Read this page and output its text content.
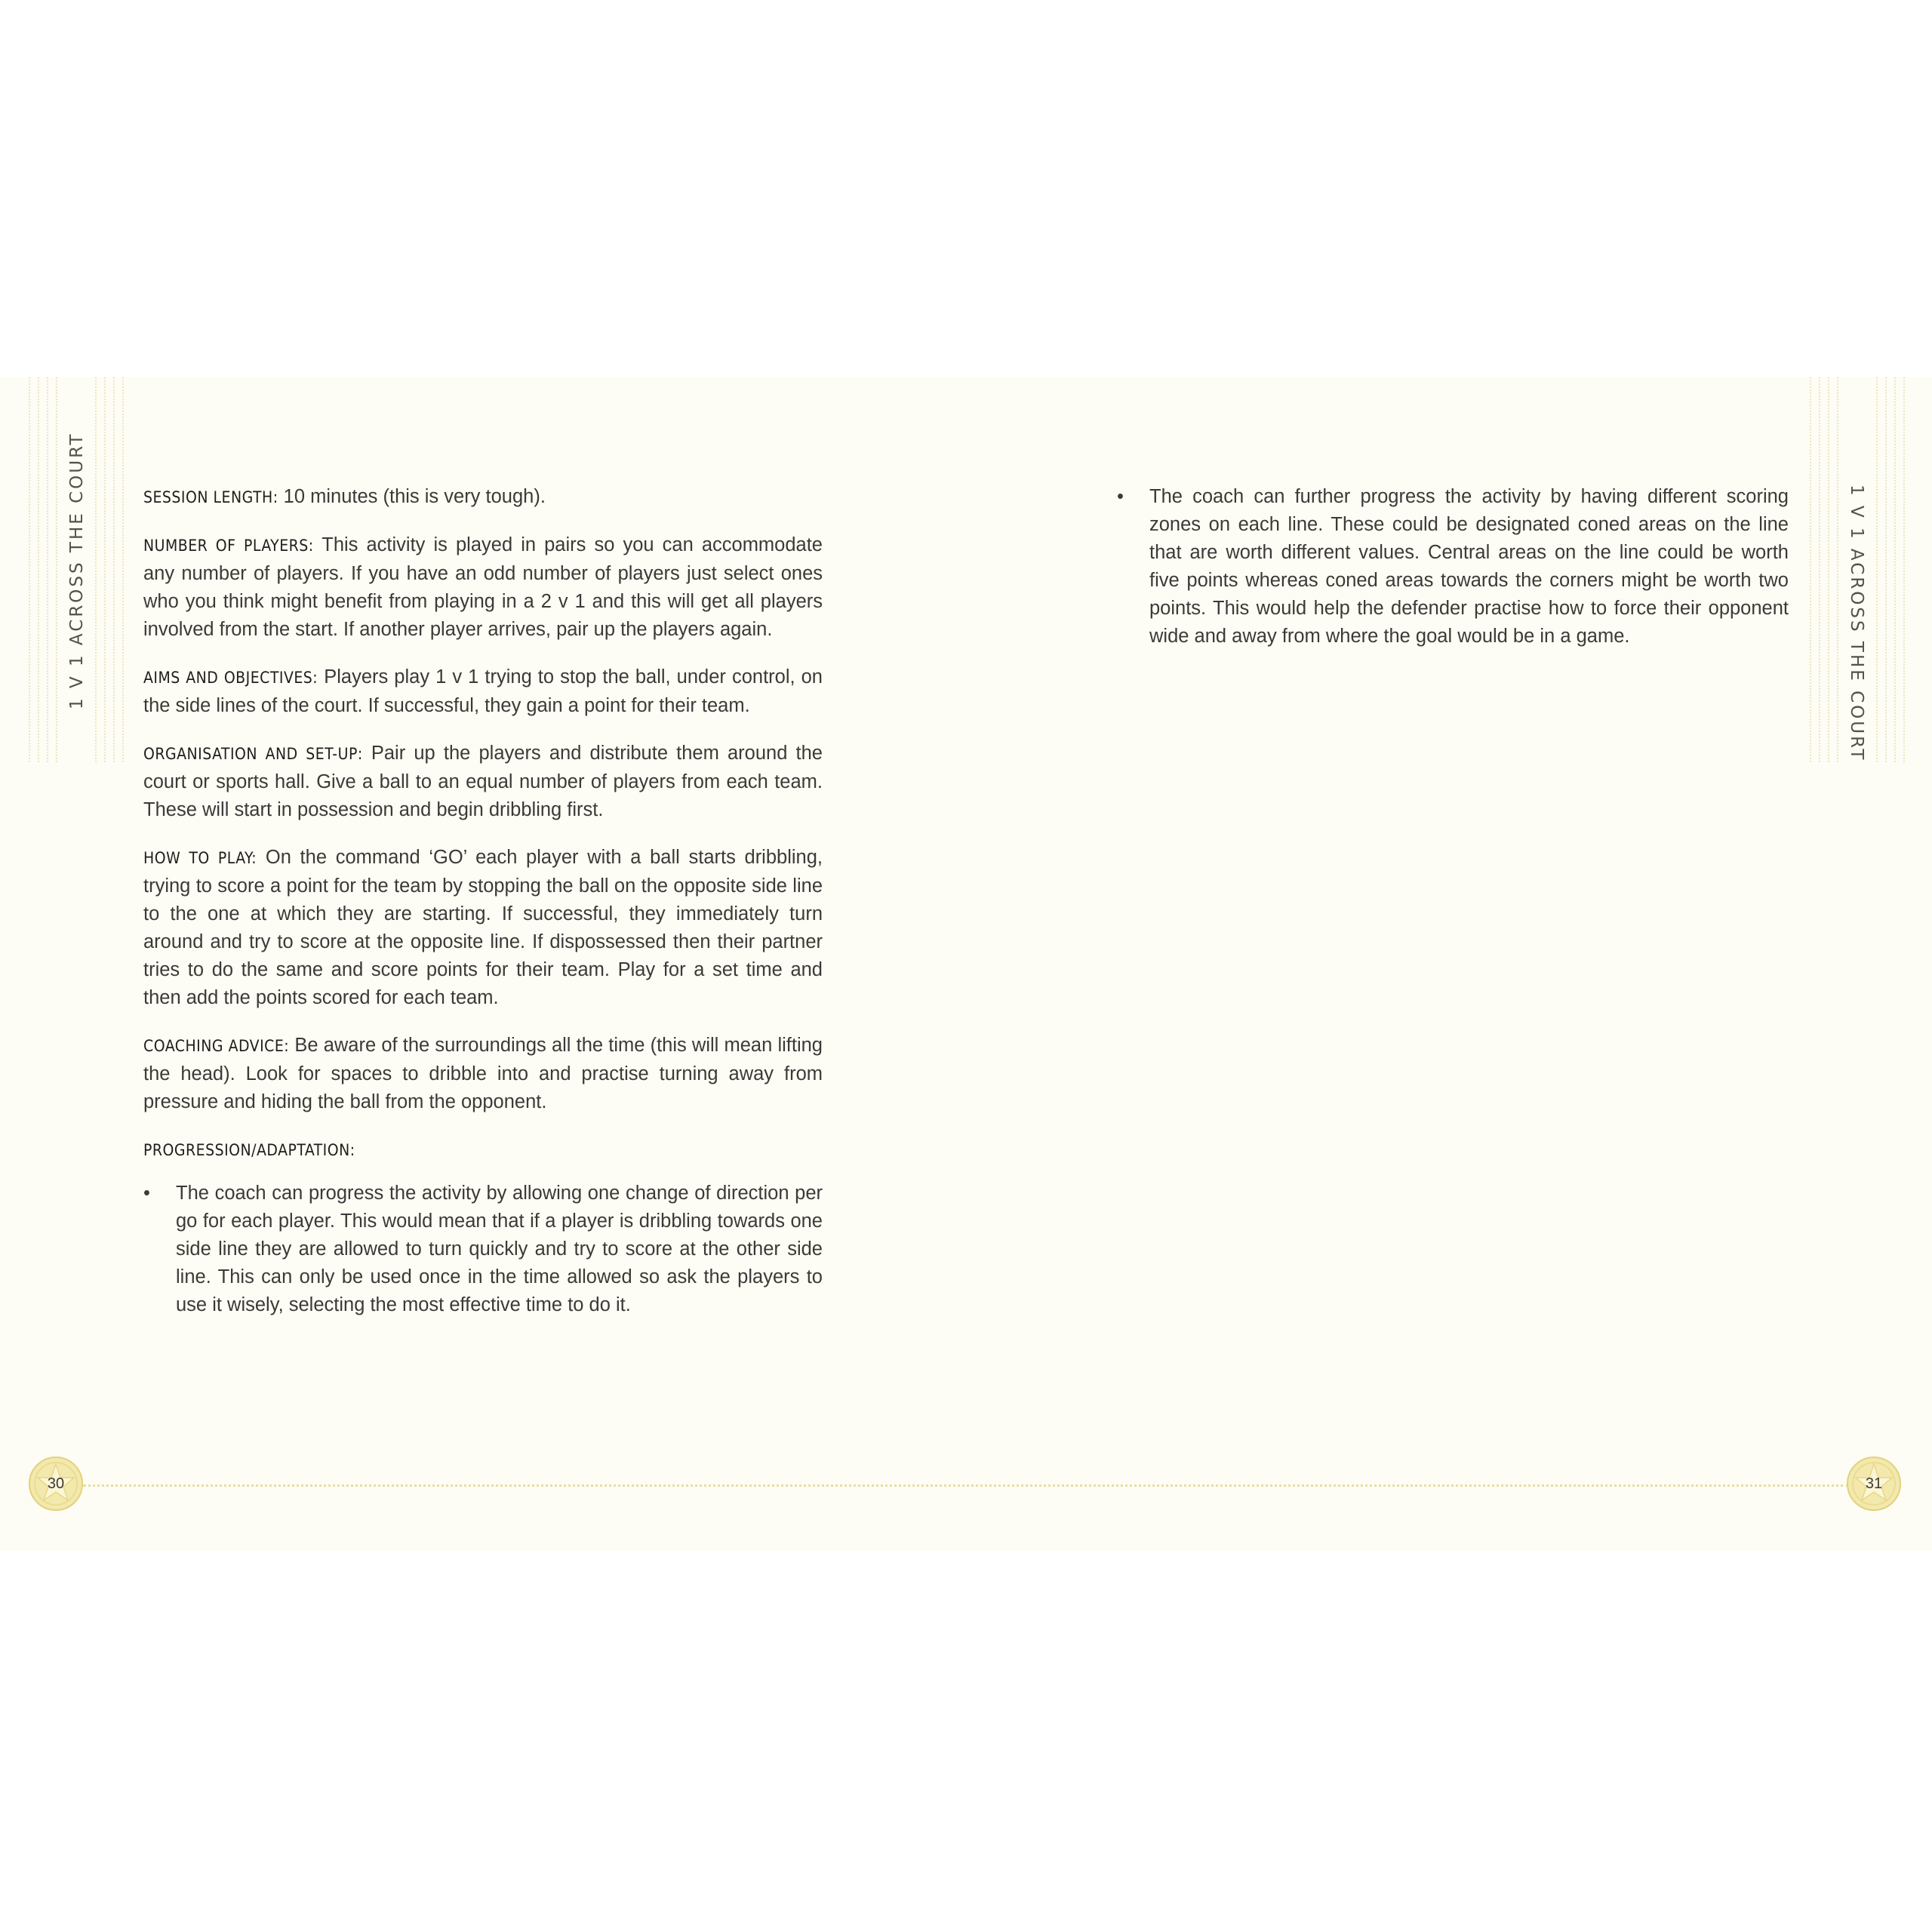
1 V 1 ACROSS THE COURT	1 V 1 ACROSS THE COURT

SESSION LENGTH: 10 minutes (this is very tough).

NUMBER OF PLAYERS: This activity is played in pairs so you can accommodate any number of players. If you have an odd number of players just select ones who you think might benefit from playing in a 2 v 1 and this will get all players involved from the start. If another player arrives, pair up the players again.

AIMS AND OBJECTIVES: Players play 1 v 1 trying to stop the ball, under control, on the side lines of the court. If successful, they gain a point for their team.

ORGANISATION AND SET-UP: Pair up the players and distribute them around the court or sports hall. Give a ball to an equal number of players from each team. These will start in possession and begin dribbling first.

HOW TO PLAY: On the command ‘GO’ each player with a ball starts dribbling, trying to score a point for the team by stopping the ball on the opposite side line to the one at which they are starting. If successful, they immediately turn around and try to score at the opposite line. If dispossessed then their partner tries to do the same and score points for their team. Play for a set time and then add the points scored for each team.

COACHING ADVICE: Be aware of the surroundings all the time (this will mean lifting the head). Look for spaces to dribble into and practise turning away from pressure and hiding the ball from the opponent.

PROGRESSION/ADAPTATION:

• The coach can progress the activity by allowing one change of direction per go for each player. This would mean that if a player is dribbling towards one side line they are allowed to turn quickly and try to score at the other side line. This can only be used once in the time allowed so ask the players to use it wisely, selecting the most effective time to do it.

• The coach can further progress the activity by having different scoring zones on each line. These could be designated coned areas on the line that are worth different values. Central areas on the line could be worth five points whereas coned areas towards the corners might be worth two points. This would help the defender practise how to force their opponent wide and away from where the goal would be in a game.

30	31
